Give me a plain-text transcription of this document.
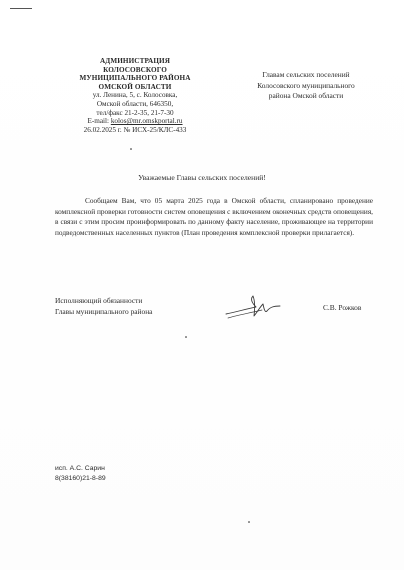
АДМИНИСТРАЦИЯ
КОЛОСОВСКОГО
МУНИЦИПАЛЬНОГО РАЙОНА
ОМСКОЙ ОБЛАСТИ
ул. Ленина, 5, с. Колосовка,
Омской области, 646350,
тел/факс 21-2-35, 21-7-30
E-mail: kolos@mr.omskportal.ru
26.02.2025 г. № ИСХ-25/КЛС-433
Главам сельских поселений
Колосовского муниципального
района Омской области
Уважаемые Главы сельских поселений!
Сообщаем Вам, что 05 марта 2025 года в Омской области, спланировано проведение комплексной проверки готовности систем оповещения с включением оконечных средств оповещения, в связи с этим просим проинформировать по данному факту население, проживающее на территории подведомственных населенных пунктов (План проведения комплексной проверки прилагается).
Исполняющий обязанности
Главы муниципального района	С.В. Рожков
исп. А.С. Сарин
8(38160)21-8-89
